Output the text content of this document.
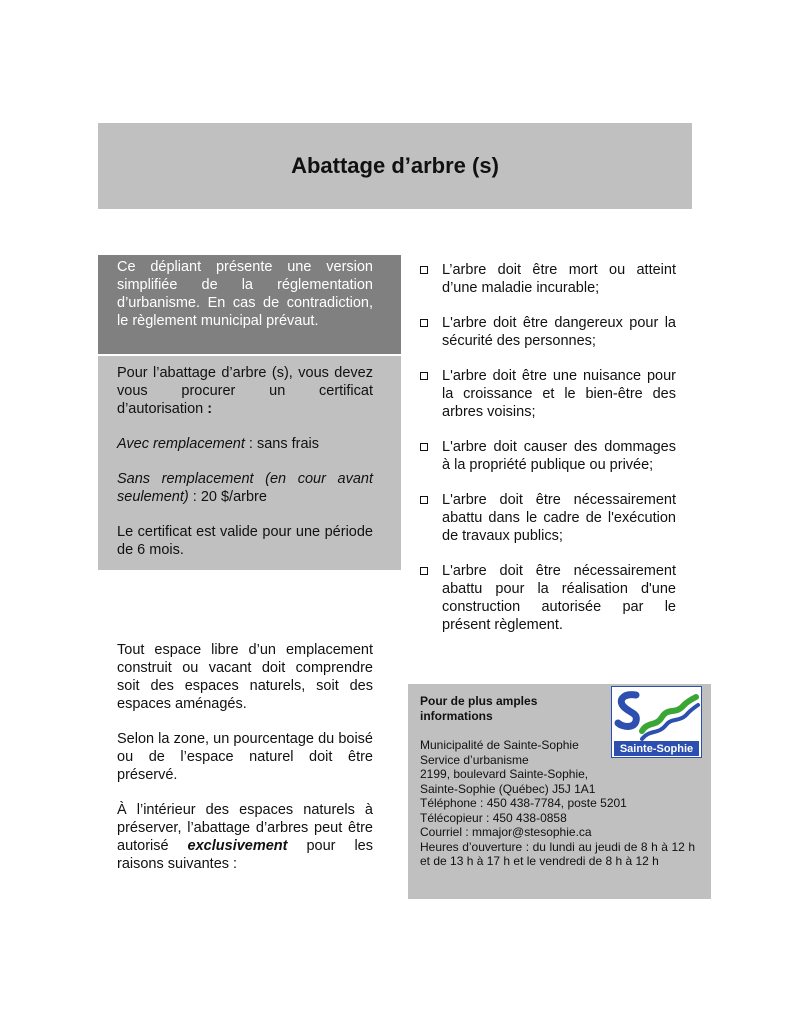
Abattage d’arbre (s)
Ce dépliant présente une version simplifiée de la réglementation d’urbanisme. En cas de contradiction, le règlement municipal prévaut.

Pour l’abattage d’arbre (s), vous devez vous procurer un certificat d’autorisation :

Avec remplacement : sans frais

Sans remplacement (en cour avant seulement) : 20 $/arbre

Le certificat est valide pour une période de 6 mois.

Tout espace libre d’un emplacement construit ou vacant doit comprendre soit des espaces naturels, soit des espaces aménagés.

Selon la zone, un pourcentage du boisé ou de l’espace naturel doit être préservé.

À l’intérieur des espaces naturels à préserver, l’abattage d’arbres peut être autorisé exclusivement pour les raisons suivantes :

L’arbre doit être mort ou atteint d’une maladie incurable;
L'arbre doit être dangereux pour la sécurité des personnes;
L'arbre doit être une nuisance pour la croissance et le bien-être des arbres voisins;
L'arbre doit causer des dommages à la propriété publique ou privée;
L'arbre doit être nécessairement abattu dans le cadre de l'exécution de travaux publics;
L'arbre doit être nécessairement abattu pour la réalisation d'une construction autorisée par le présent règlement.
Pour de plus amples informations
Municipalité de Sainte-Sophie
Service d’urbanisme
2199, boulevard Sainte-Sophie,
Sainte-Sophie (Québec) J5J 1A1
Téléphone : 450 438-7784, poste 5201
Télécopieur : 450 438-0858
Courriel : mmajor@stesophie.ca
Heures d’ouverture : du lundi au jeudi de 8 h à 12 h et de 13 h à 17 h et le vendredi de 8 h à 12 h
Sainte-Sophie
